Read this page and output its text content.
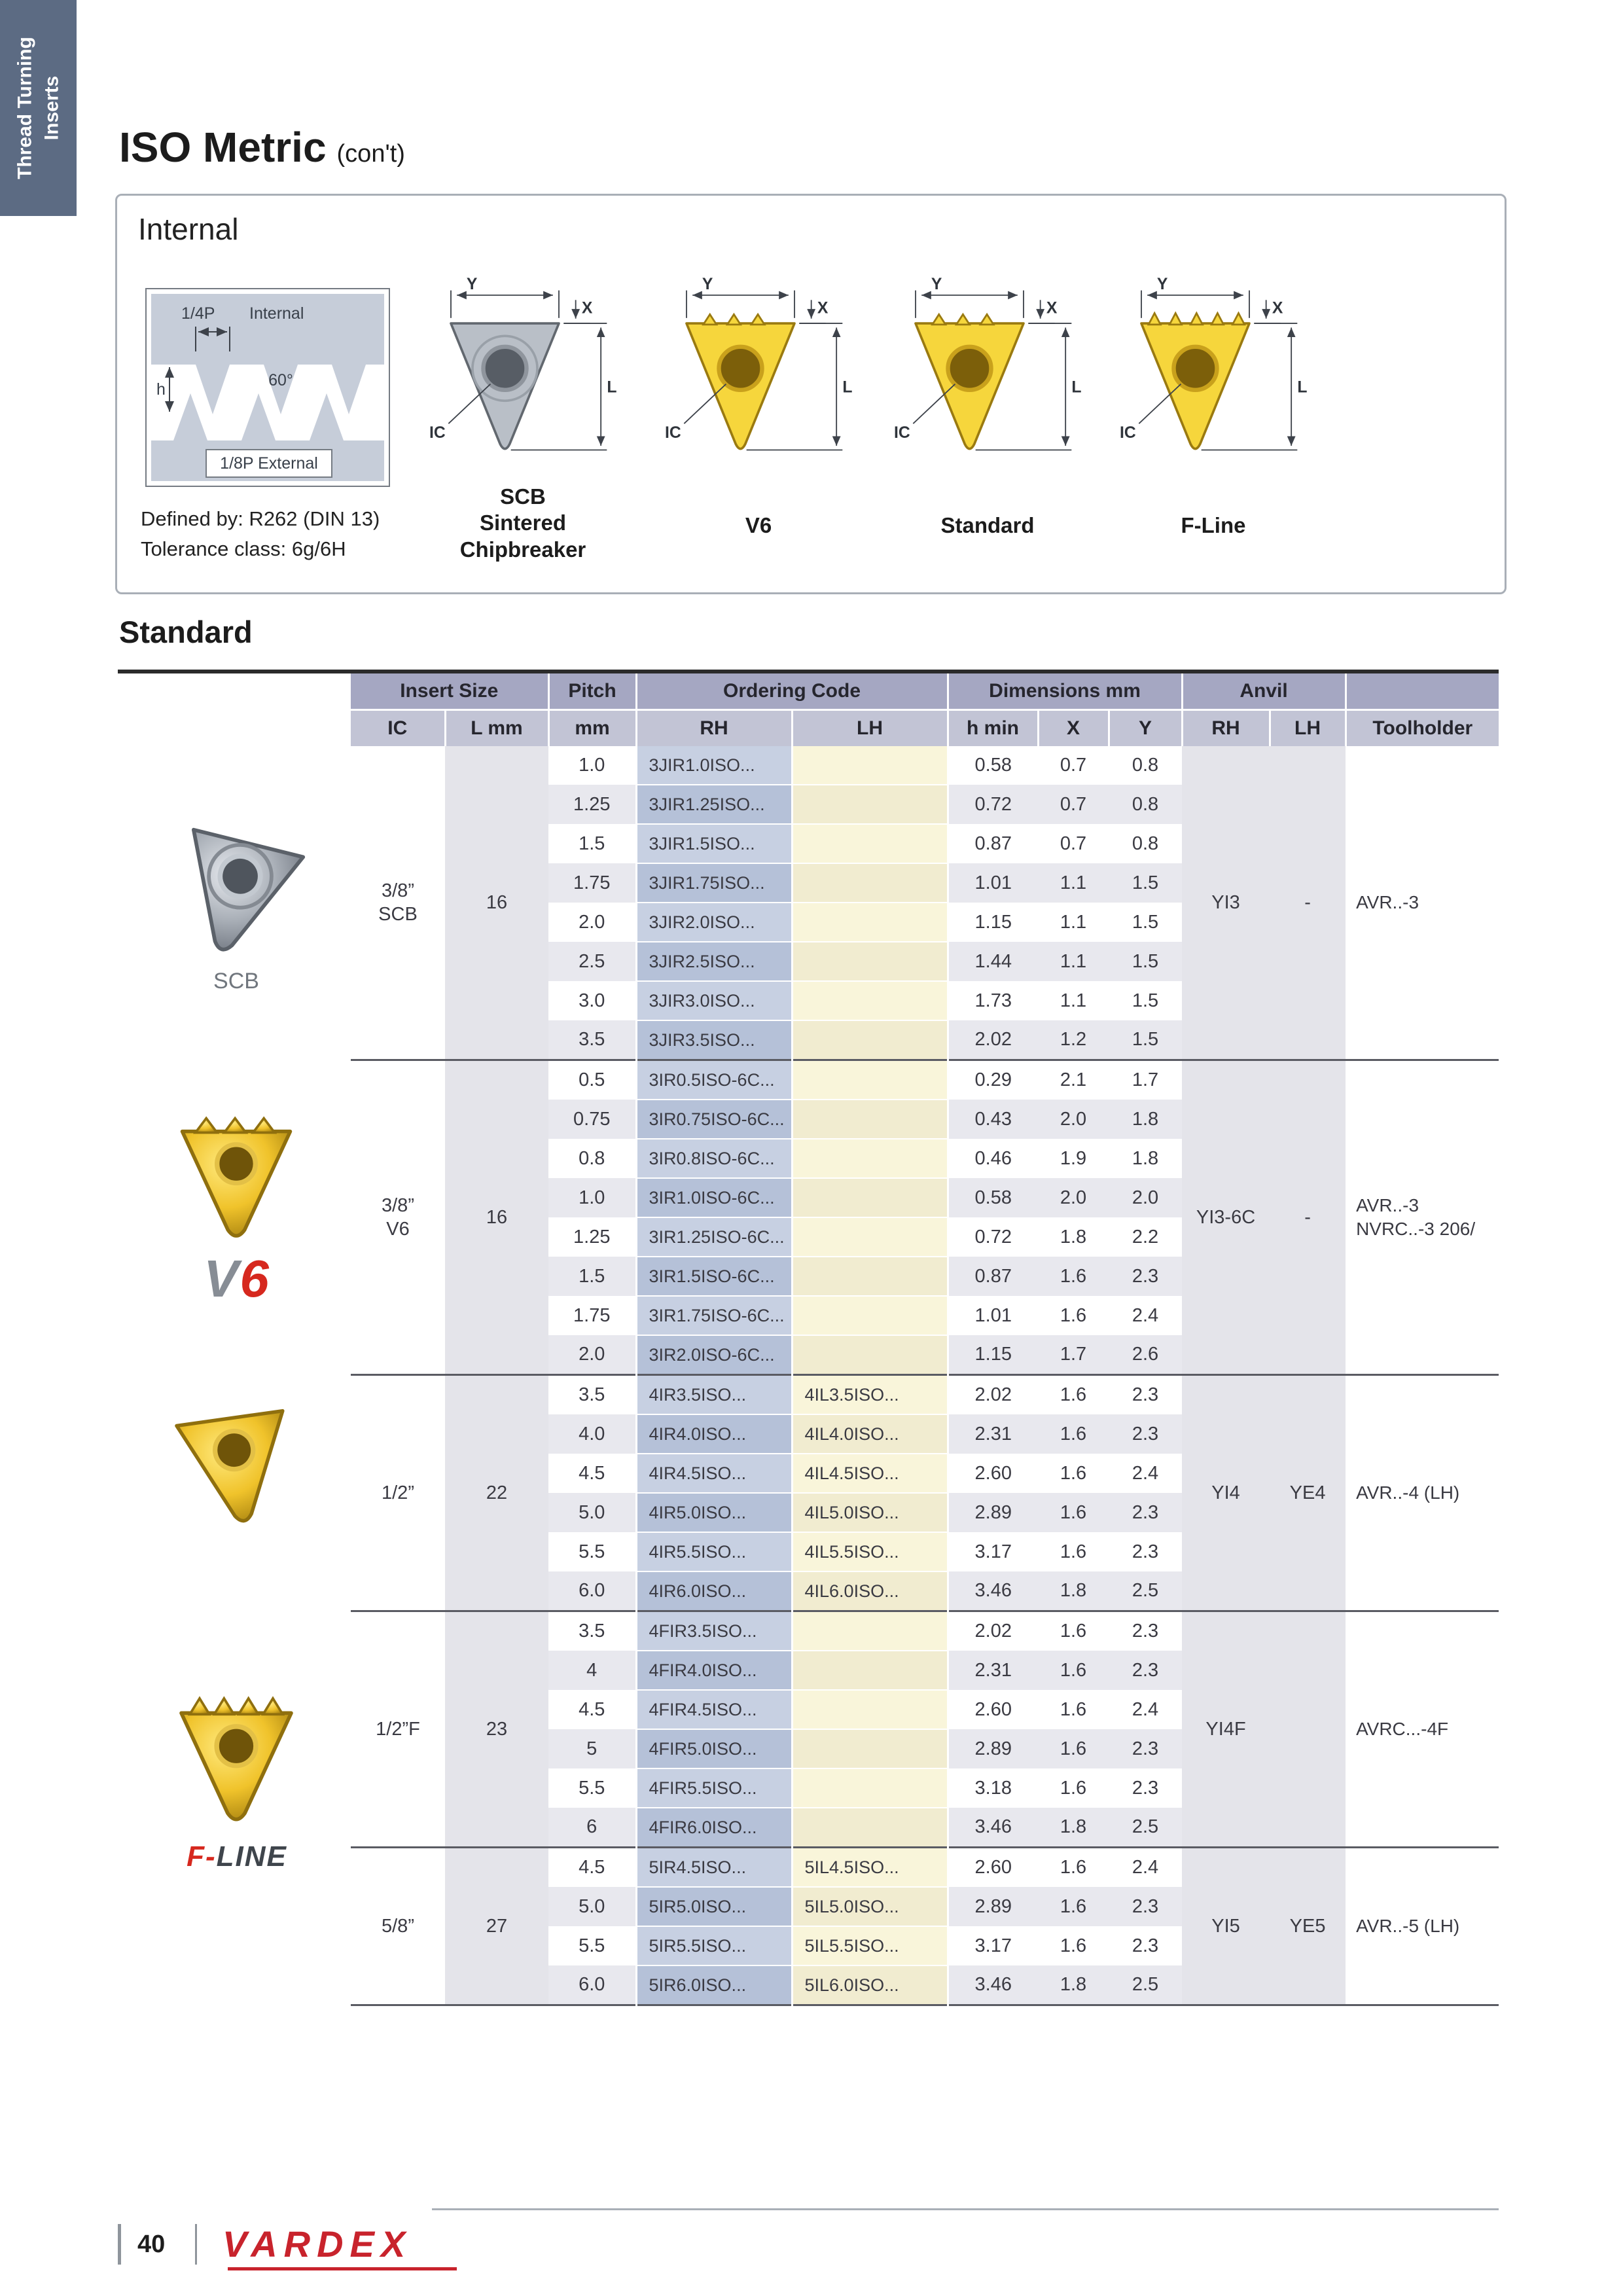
Thread Turning Inserts
ISO Metric (con't)
Internal
1/4P Internal
60°
h
1/8P External
Defined by: R262 (DIN 13)
Tolerance class: 6g/6H
Y
X
L
IC
SCB
Sintered
Chipbreaker
Y
X
L
IC
V6
Y
X
L
IC
Standard
Y
X
L
IC
F-Line
Standard
Insert Size		Pitch	Ordering Code		Dimensions mm			Anvil		
IC	L mm	mm	RH	LH	h min	X	Y	RH	LH	Toolholder
3/8”
SCB	16	1.0	3JIR1.0ISO...		0.58	0.7	0.8	YI3	-	AVR..-3
		1.25	3JIR1.25ISO...		0.72	0.7	0.8			
		1.5	3JIR1.5ISO...		0.87	0.7	0.8			
		1.75	3JIR1.75ISO...		1.01	1.1	1.5			
		2.0	3JIR2.0ISO...		1.15	1.1	1.5			
		2.5	3JIR2.5ISO...		1.44	1.1	1.5			
		3.0	3JIR3.0ISO...		1.73	1.1	1.5			
		3.5	3JIR3.5ISO...		2.02	1.2	1.5			
3/8”
V6	16	0.5	3IR0.5ISO-6C...		0.29	2.1	1.7	YI3-6C	-	AVR..-3
NVRC..-3 206/
		0.75	3IR0.75ISO-6C...		0.43	2.0	1.8			
		0.8	3IR0.8ISO-6C...		0.46	1.9	1.8			
		1.0	3IR1.0ISO-6C...		0.58	2.0	2.0			
		1.25	3IR1.25ISO-6C...		0.72	1.8	2.2			
		1.5	3IR1.5ISO-6C...		0.87	1.6	2.3			
		1.75	3IR1.75ISO-6C...		1.01	1.6	2.4			
		2.0	3IR2.0ISO-6C...		1.15	1.7	2.6			
1/2”	22	3.5	4IR3.5ISO...	4IL3.5ISO...	2.02	1.6	2.3	YI4	YE4	AVR..-4 (LH)
		4.0	4IR4.0ISO...	4IL4.0ISO...	2.31	1.6	2.3			
		4.5	4IR4.5ISO...	4IL4.5ISO...	2.60	1.6	2.4			
		5.0	4IR5.0ISO...	4IL5.0ISO...	2.89	1.6	2.3			
		5.5	4IR5.5ISO...	4IL5.5ISO...	3.17	1.6	2.3			
		6.0	4IR6.0ISO...	4IL6.0ISO...	3.46	1.8	2.5			
1/2”F	23	3.5	4FIR3.5ISO...		2.02	1.6	2.3	YI4F		AVRC...-4F
		4	4FIR4.0ISO...		2.31	1.6	2.3			
		4.5	4FIR4.5ISO...		2.60	1.6	2.4			
		5	4FIR5.0ISO...		2.89	1.6	2.3			
		5.5	4FIR5.5ISO...		3.18	1.6	2.3			
		6	4FIR6.0ISO...		3.46	1.8	2.5			
5/8”	27	4.5	5IR4.5ISO...	5IL4.5ISO...	2.60	1.6	2.4	YI5	YE5	AVR..-5 (LH)
		5.0	5IR5.0ISO...	5IL5.0ISO...	2.89	1.6	2.3			
		5.5	5IR5.5ISO...	5IL5.5ISO...	3.17	1.6	2.3			
		6.0	5IR6.0ISO...	5IL6.0ISO...	3.46	1.8	2.5			
SCB
V6
F-LINE
40 VARDEX
